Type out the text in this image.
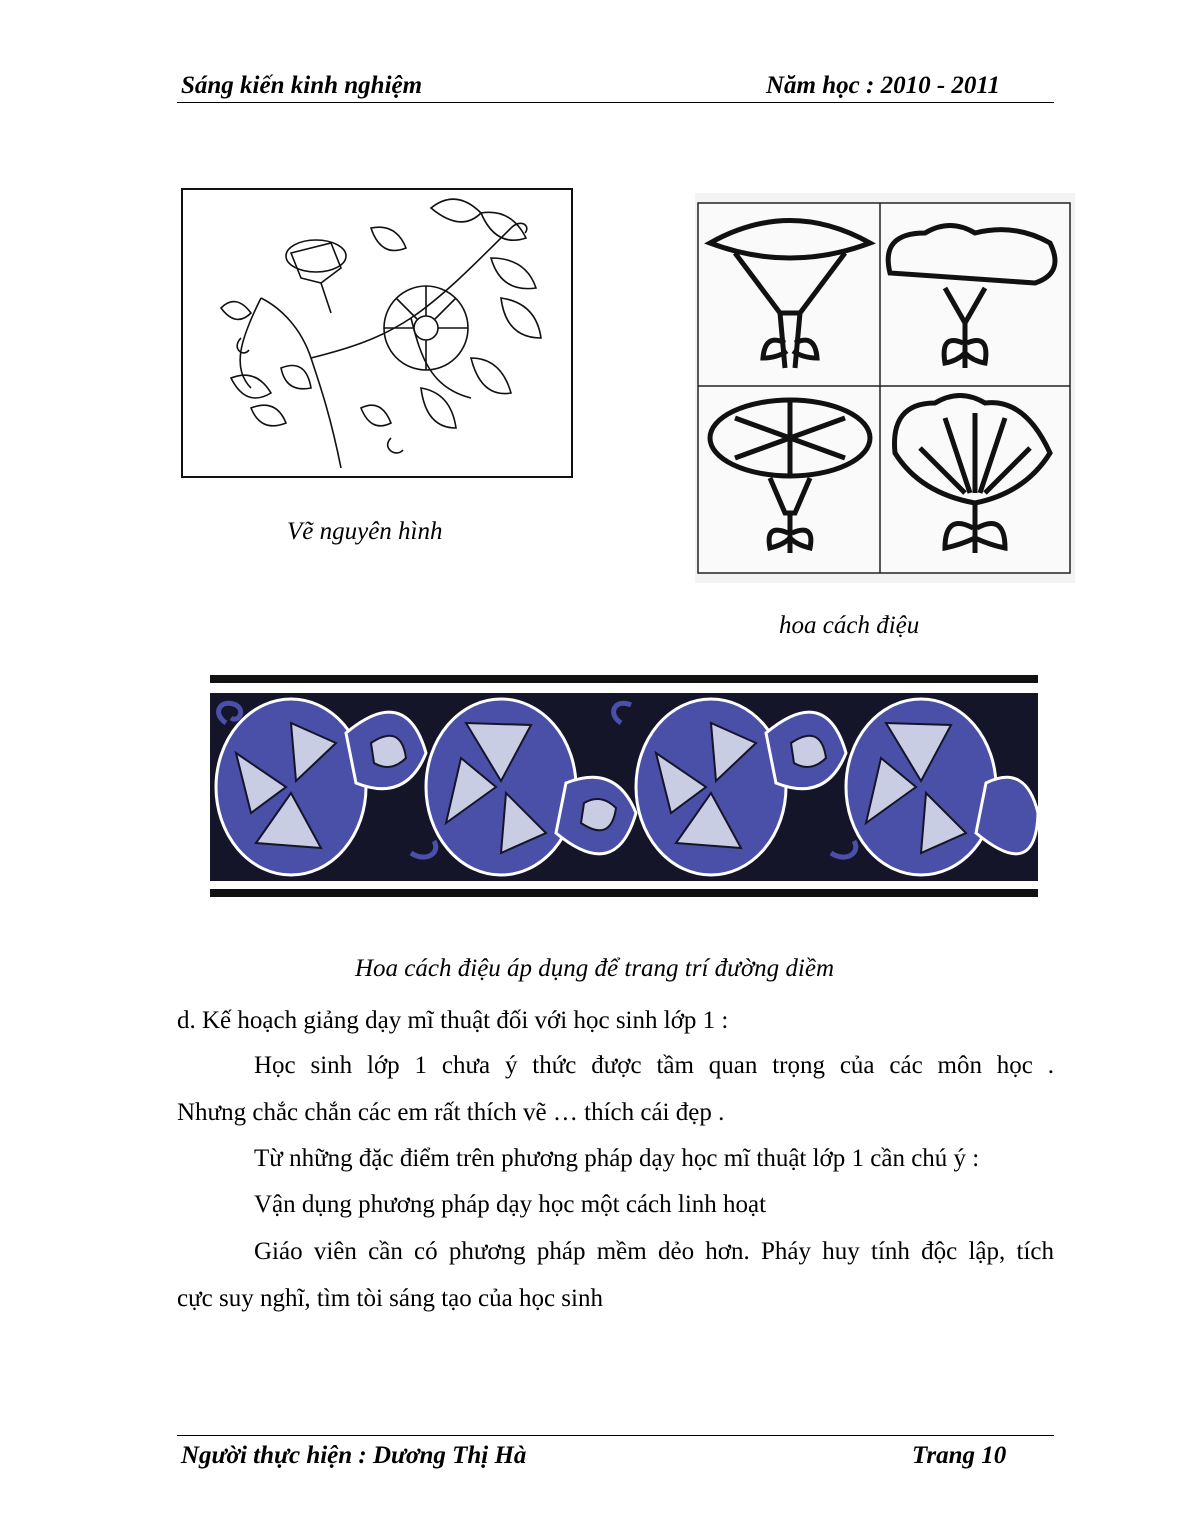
Sáng kiến kinh nghiệm	Năm học : 2010 - 2011
Vẽ nguyên hình
hoa cách điệu
Hoa cách điệu áp dụng để trang trí đường diềm
d. Kế hoạch giảng dạy mĩ thuật đối với học sinh lớp 1 :
Học sinh lớp 1 chưa ý thức được tầm quan trọng của các môn học .
Nhưng chắc chắn các em rất thích vẽ … thích cái đẹp .
Từ những đặc điểm trên phương pháp dạy học mĩ thuật lớp 1 cần chú ý :
Vận dụng phương pháp dạy học một cách linh hoạt
Giáo viên cần có phương pháp mềm dẻo hơn. Pháy huy tính độc lập, tích
cực suy nghĩ, tìm tòi sáng tạo của học sinh
Người thực hiện : Dương Thị Hà	Trang 10
